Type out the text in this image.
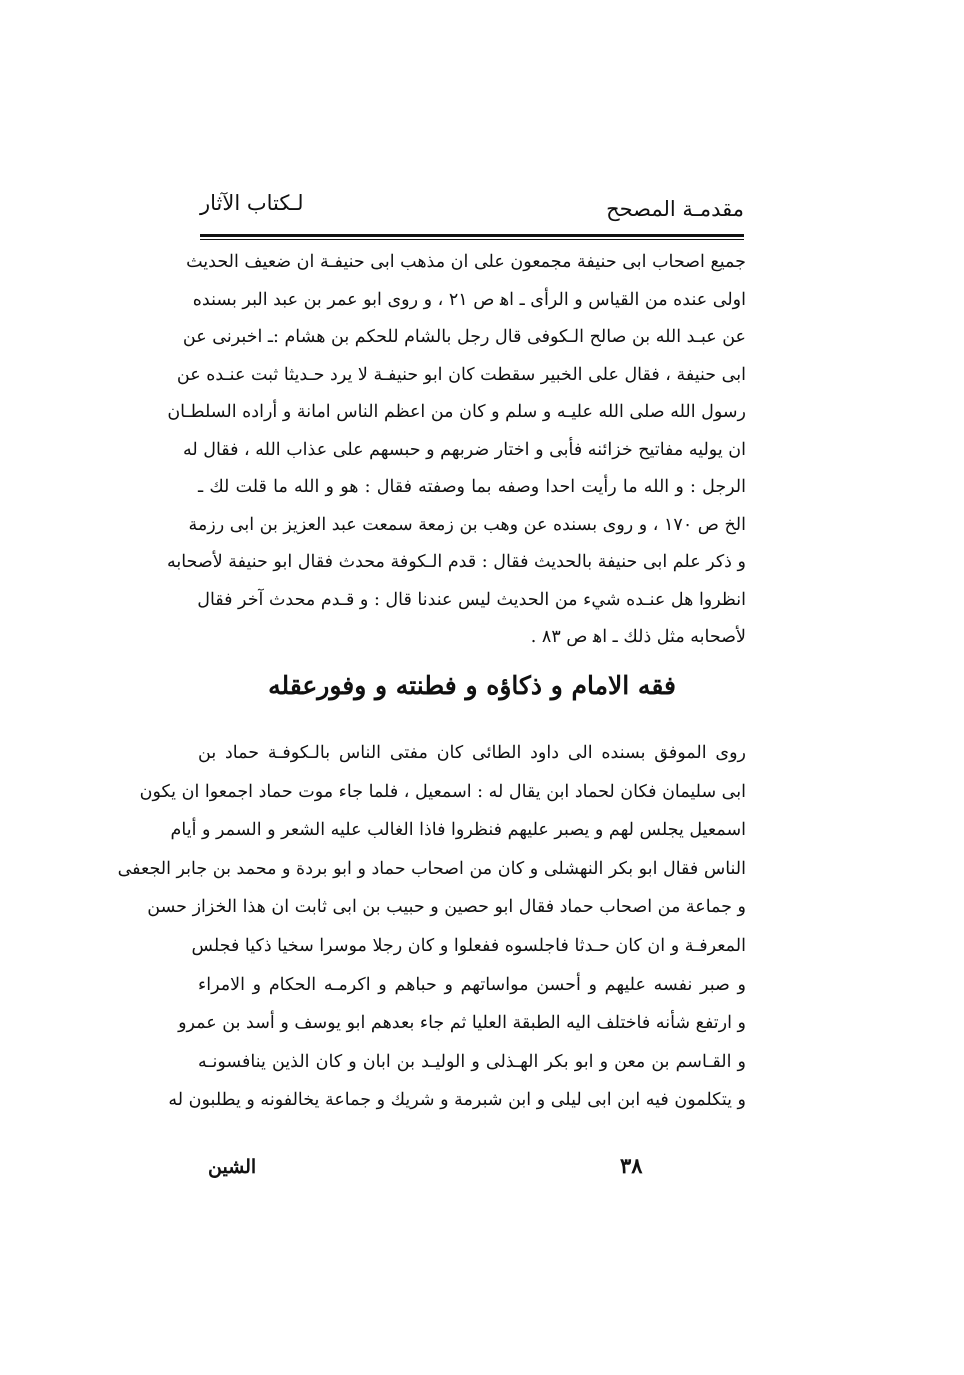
مقدمـة المصحح
لـكتاب الآثار

جميع اصحاب ابى حنيفة مجمعون على ان مذهب ابى حنيفـة ان ضعيف الحديث
اولى عنده من القياس و الرأى ـ اﻫ ص ٢١ ، و روى ابو عمر بن عبد البر بسنده
عن عبـد الله بن صالح الـكوفى قال رجل بالشام للحكم بن هشام :ـ اخبرنى عن
ابى حنيفة ، فقال على الخبير سقطت كان ابو حنيفـة لا يرد حـديثا ثبت عنـده عن
رسول الله صلى الله عليـه و سلم و كان من اعظم الناس امانة و أراده السلطـان
ان يوليه مفاتيح خزائنه فأبى و اختار ضربهم و حبسهم على عذاب الله ، فقال له
الرجل : و الله ما رأيت احدا وصفه بما وصفته فقال : هو و الله ما قلت لك ـ
الخ ص ١٧٠ ، و روى بسنده عن وهب بن زمعة سمعت عبد العزيز بن ابى رزمة
و ذكر علم ابى حنيفة بالحديث فقال : قدم الـكوفة محدث فقال ابو حنيفة لأصحابه
انظروا هل عنـده شيء من الحديث ليس عندنا قال : و قـدم محدث آخر فقال
لأصحابه مثل ذلك ـ اﻫ ص ٨٣ .

فقه الامام و ذكاؤه و فطنته و وفورعقله

روى الموفق بسنده الى داود الطائى كان مفتى الناس بالـكوفـة حماد بن
ابى سليمان فكان لحماد ابن يقال له : اسمعيل ، فلما جاء موت حماد اجمعوا ان يكون
اسمعيل يجلس لهم و يصبر عليهم فنظروا فاذا الغالب عليه الشعر و السمر و أيام
الناس فقال ابو بكر النهشلى و كان من اصحاب حماد و ابو بردة و محمد بن جابر الجعفى
و جماعة من اصحاب حماد فقال ابو حصين و حبيب بن ابى ثابت ان هذا الخزاز حسن
المعرفـة و ان كان حـدثا فاجلسوه ففعلوا و كان رجلا موسرا سخيا ذكيا فجلس
و صبر نفسه عليهم و أحسن مواساتهم و حباهم و اكرمـه الحكام و الامراء
و ارتفع شأنه فاختلف اليه الطبقة العليا ثم جاء بعدهم ابو يوسف و أسد بن عمرو
و القـاسم بن معن و ابو بكر الهـذلى و الوليـد بن ابان و كان الذين ينافسونـه
و يتكلمون فيه ابن ابى ليلى و ابن شبرمة و شريك و جماعة يخالفونه و يطلبون له

٣٨
الشين
